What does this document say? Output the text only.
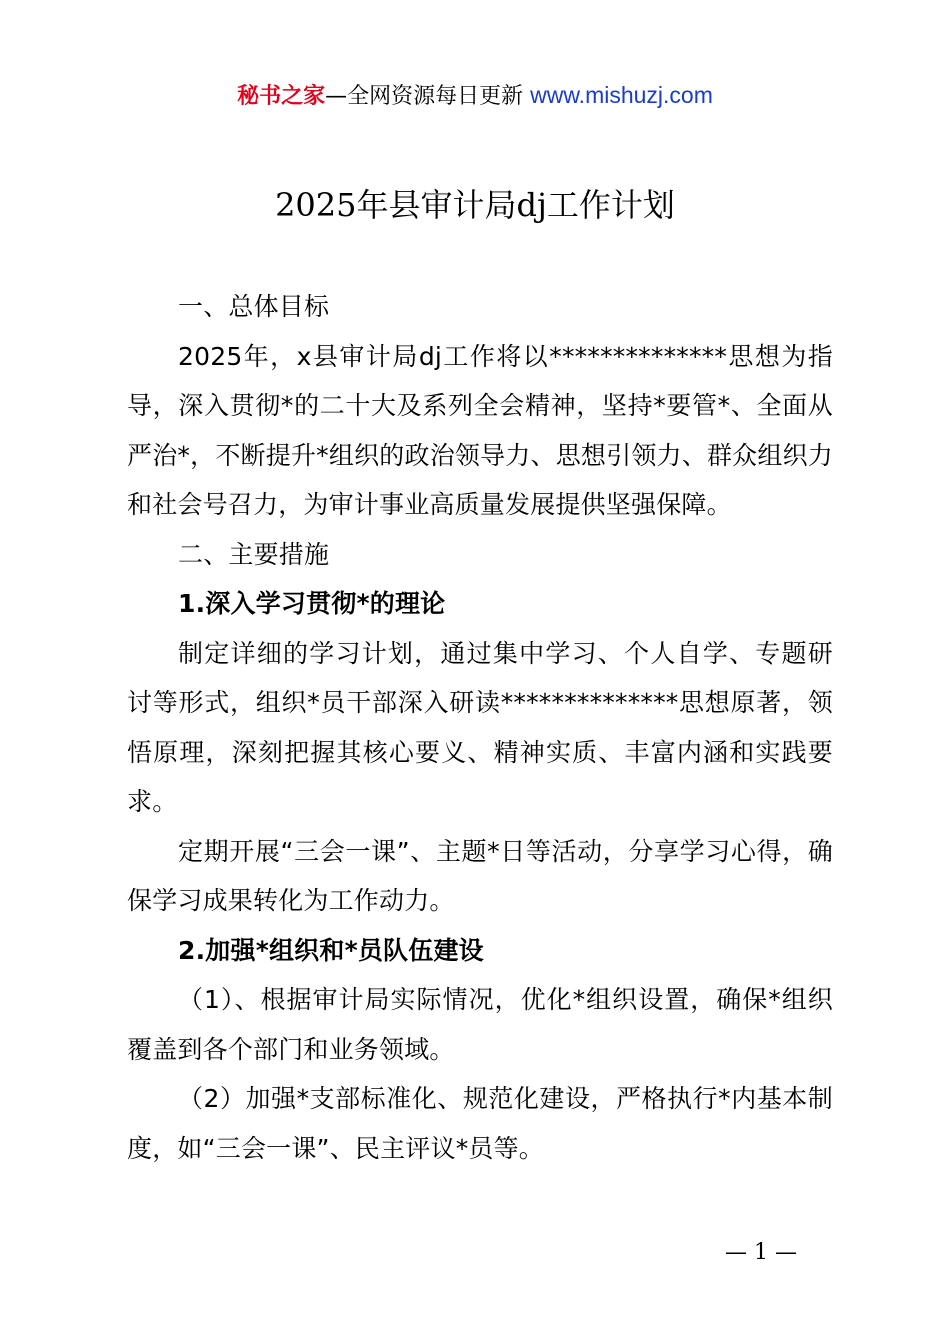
秘书之家—全网资源每日更新 www.mishuzj.com
2025年县审计局dj工作计划

一、总体目标

2025年，x县审计局dj工作将以**************思想为指导，深入贯彻*的二十大及系列全会精神，坚持*要管*、全面从严治*，不断提升*组织的政治领导力、思想引领力、群众组织力和社会号召力，为审计事业高质量发展提供坚强保障。

二、主要措施

1.深入学习贯彻*的理论

制定详细的学习计划，通过集中学习、个人自学、专题研讨等形式，组织*员干部深入研读**************思想原著，领悟原理，深刻把握其核心要义、精神实质、丰富内涵和实践要求。

定期开展“三会一课”、主题*日等活动，分享学习心得，确保学习成果转化为工作动力。

2.加强*组织和*员队伍建设

（1）、根据审计局实际情况，优化*组织设置，确保*组织覆盖到各个部门和业务领域。

（2）加强*支部标准化、规范化建设，严格执行*内基本制度，如“三会一课”、民主评议*员等。

— 1 —
